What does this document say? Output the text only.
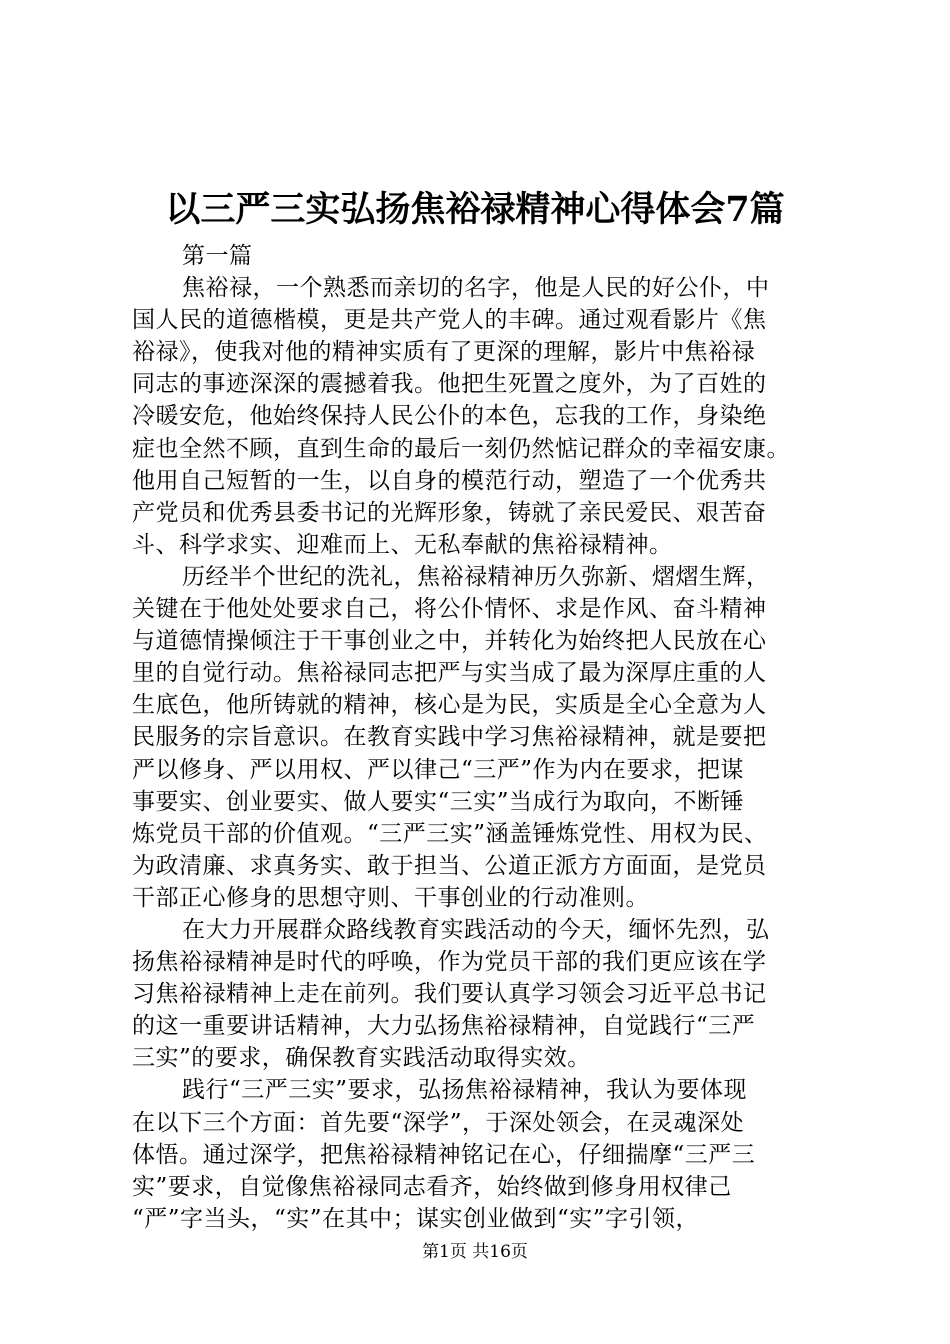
以三严三实弘扬焦裕禄精神心得体会7篇
第一篇
焦裕禄，一个熟悉而亲切的名字，他是人民的好公仆，中
国人民的道德楷模，更是共产党人的丰碑。通过观看影片《焦
裕禄》，使我对他的精神实质有了更深的理解，影片中焦裕禄
同志的事迹深深的震撼着我。他把生死置之度外，为了百姓的
冷暖安危，他始终保持人民公仆的本色，忘我的工作，身染绝
症也全然不顾，直到生命的最后一刻仍然惦记群众的幸福安康。
他用自己短暂的一生，以自身的模范行动，塑造了一个优秀共
产党员和优秀县委书记的光辉形象，铸就了亲民爱民、艰苦奋
斗、科学求实、迎难而上、无私奉献的焦裕禄精神。
历经半个世纪的洗礼，焦裕禄精神历久弥新、熠熠生辉，
关键在于他处处要求自己，将公仆情怀、求是作风、奋斗精神
与道德情操倾注于干事创业之中，并转化为始终把人民放在心
里的自觉行动。焦裕禄同志把严与实当成了最为深厚庄重的人
生底色，他所铸就的精神，核心是为民，实质是全心全意为人
民服务的宗旨意识。在教育实践中学习焦裕禄精神，就是要把
严以修身、严以用权、严以律己“三严”作为内在要求，把谋
事要实、创业要实、做人要实“三实”当成行为取向，不断锤
炼党员干部的价值观。“三严三实”涵盖锤炼党性、用权为民、
为政清廉、求真务实、敢于担当、公道正派方方面面，是党员
干部正心修身的思想守则、干事创业的行动准则。
在大力开展群众路线教育实践活动的今天，缅怀先烈，弘
扬焦裕禄精神是时代的呼唤，作为党员干部的我们更应该在学
习焦裕禄精神上走在前列。我们要认真学习领会习近平总书记
的这一重要讲话精神，大力弘扬焦裕禄精神，自觉践行“三严
三实”的要求，确保教育实践活动取得实效。
践行“三严三实”要求，弘扬焦裕禄精神，我认为要体现
在以下三个方面：首先要“深学”，于深处领会，在灵魂深处
体悟。通过深学，把焦裕禄精神铭记在心，仔细揣摩“三严三
实”要求，自觉像焦裕禄同志看齐，始终做到修身用权律己
“严”字当头，“实”在其中；谋实创业做到“实”字引领，
第1页 共16页
